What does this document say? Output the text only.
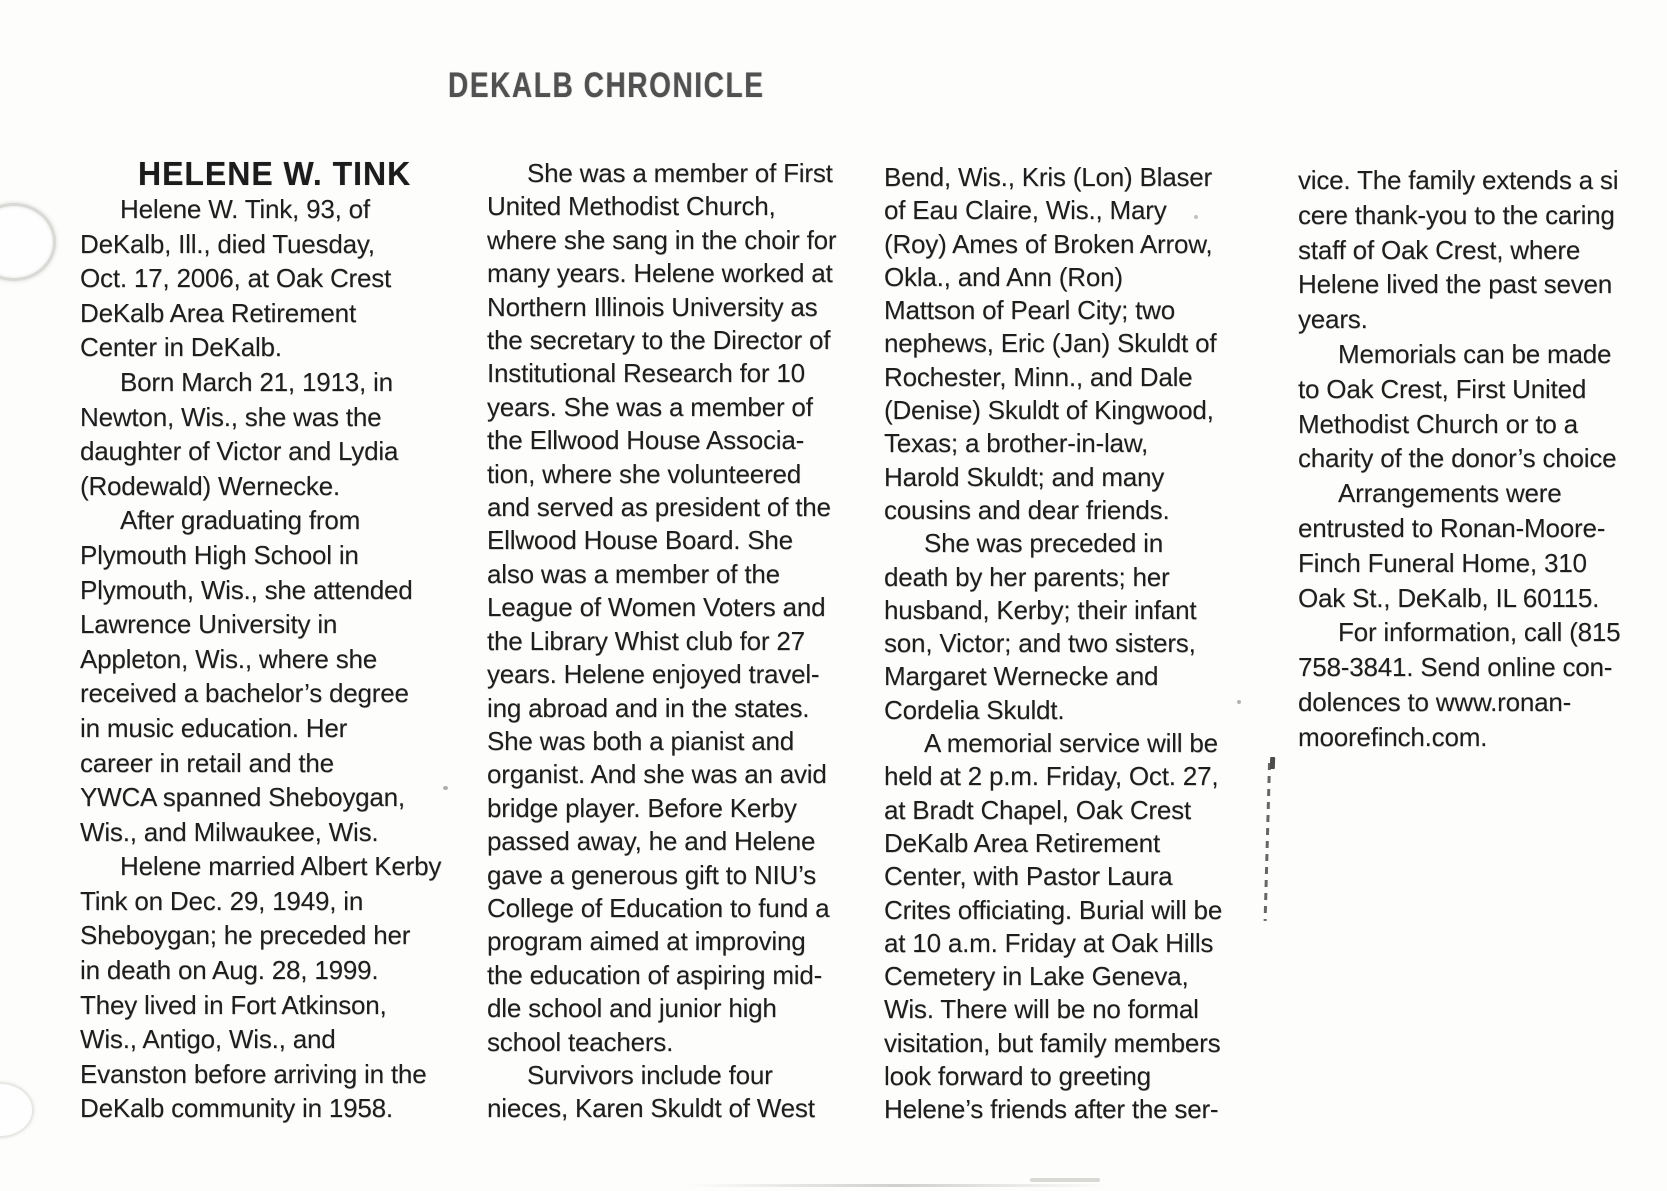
DEKALB CHRONICLE
HELENE W. TINK
Helene W. Tink, 93, of
DeKalb, Ill., died Tuesday,
Oct. 17, 2006, at Oak Crest
DeKalb Area Retirement
Center in DeKalb.
Born March 21, 1913, in
Newton, Wis., she was the
daughter of Victor and Lydia
(Rodewald) Wernecke.
After graduating from
Plymouth High School in
Plymouth, Wis., she attended
Lawrence University in
Appleton, Wis., where she
received a bachelor’s degree
in music education. Her
career in retail and the
YWCA spanned Sheboygan,
Wis., and Milwaukee, Wis.
Helene married Albert Kerby
Tink on Dec. 29, 1949, in
Sheboygan; he preceded her
in death on Aug. 28, 1999.
They lived in Fort Atkinson,
Wis., Antigo, Wis., and
Evanston before arriving in the
DeKalb community in 1958.
She was a member of First
United Methodist Church,
where she sang in the choir for
many years. Helene worked at
Northern Illinois University as
the secretary to the Director of
Institutional Research for 10
years. She was a member of
the Ellwood House Associa-
tion, where she volunteered
and served as president of the
Ellwood House Board. She
also was a member of the
League of Women Voters and
the Library Whist club for 27
years. Helene enjoyed travel-
ing abroad and in the states.
She was both a pianist and
organist. And she was an avid
bridge player. Before Kerby
passed away, he and Helene
gave a generous gift to NIU’s
College of Education to fund a
program aimed at improving
the education of aspiring mid-
dle school and junior high
school teachers.
Survivors include four
nieces, Karen Skuldt of West
Bend, Wis., Kris (Lon) Blaser
of Eau Claire, Wis., Mary
(Roy) Ames of Broken Arrow,
Okla., and Ann (Ron)
Mattson of Pearl City; two
nephews, Eric (Jan) Skuldt of
Rochester, Minn., and Dale
(Denise) Skuldt of Kingwood,
Texas; a brother-in-law,
Harold Skuldt; and many
cousins and dear friends.
She was preceded in
death by her parents; her
husband, Kerby; their infant
son, Victor; and two sisters,
Margaret Wernecke and
Cordelia Skuldt.
A memorial service will be
held at 2 p.m. Friday, Oct. 27,
at Bradt Chapel, Oak Crest
DeKalb Area Retirement
Center, with Pastor Laura
Crites officiating. Burial will be
at 10 a.m. Friday at Oak Hills
Cemetery in Lake Geneva,
Wis. There will be no formal
visitation, but family members
look forward to greeting
Helene’s friends after the ser-
vice. The family extends a si
cere thank-you to the caring
staff of Oak Crest, where
Helene lived the past seven
years.
Memorials can be made
to Oak Crest, First United
Methodist Church or to a
charity of the donor’s choice
Arrangements were
entrusted to Ronan-Moore-
Finch Funeral Home, 310
Oak St., DeKalb, IL 60115.
For information, call (815
758-3841. Send online con-
dolences to www.ronan-
moorefinch.com.
